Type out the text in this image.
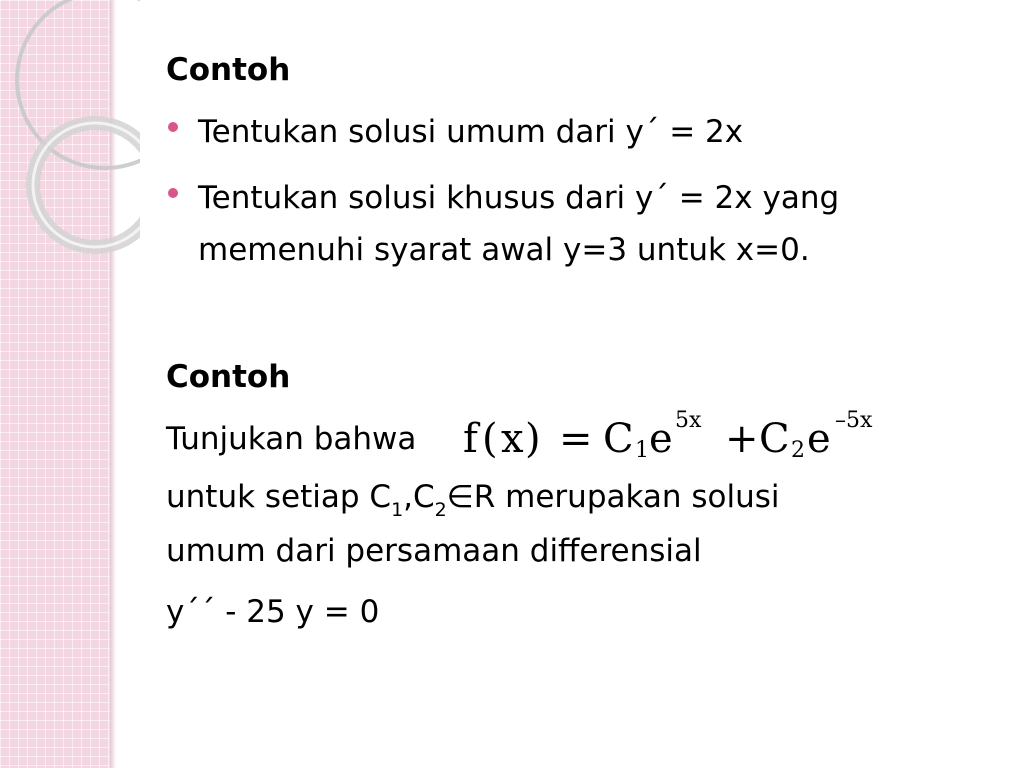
Contoh
Tentukan solusi umum dari y´ = 2x
Tentukan solusi khusus dari y´ = 2x yang memenuhi syarat awal y=3 untuk x=0.
Contoh
Tunjukan bahwa f ( x ) = C 1 e 5x + C 2 e –5x
untuk setiap $C_1,C_2\in R$ merupakan solusi
umum dari persamaan differensial
y´´ - 25 y = 0
